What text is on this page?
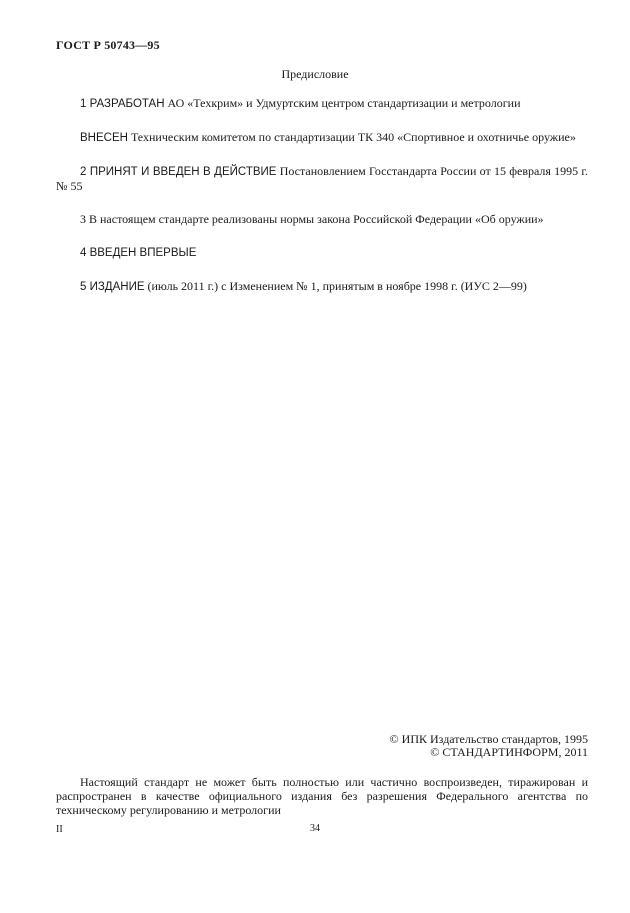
ГОСТ Р 50743—95
Предисловие

1 РАЗРАБОТАН АО «Техкрим» и Удмуртским центром стандартизации и метрологии

ВНЕСЕН Техническим комитетом по стандартизации ТК 340 «Спортивное и охотничье оружие»

2 ПРИНЯТ И ВВЕДЕН В ДЕЙСТВИЕ Постановлением Госстандарта России от 15 февраля 1995 г. № 55

3 В настоящем стандарте реализованы нормы закона Российской Федерации «Об оружии»

4 ВВЕДЕН ВПЕРВЫЕ

5 ИЗДАНИЕ (июль 2011 г.) с Изменением № 1, принятым в ноябре 1998 г. (ИУС 2—99)

© ИПК Издательство стандартов, 1995
© СТАНДАРТИНФОРМ, 2011
Настоящий стандарт не может быть полностью или частично воспроизведен, тиражирован и распространен в качестве официального издания без разрешения Федерального агентства по техническому регулированию и метрологии
II	34
